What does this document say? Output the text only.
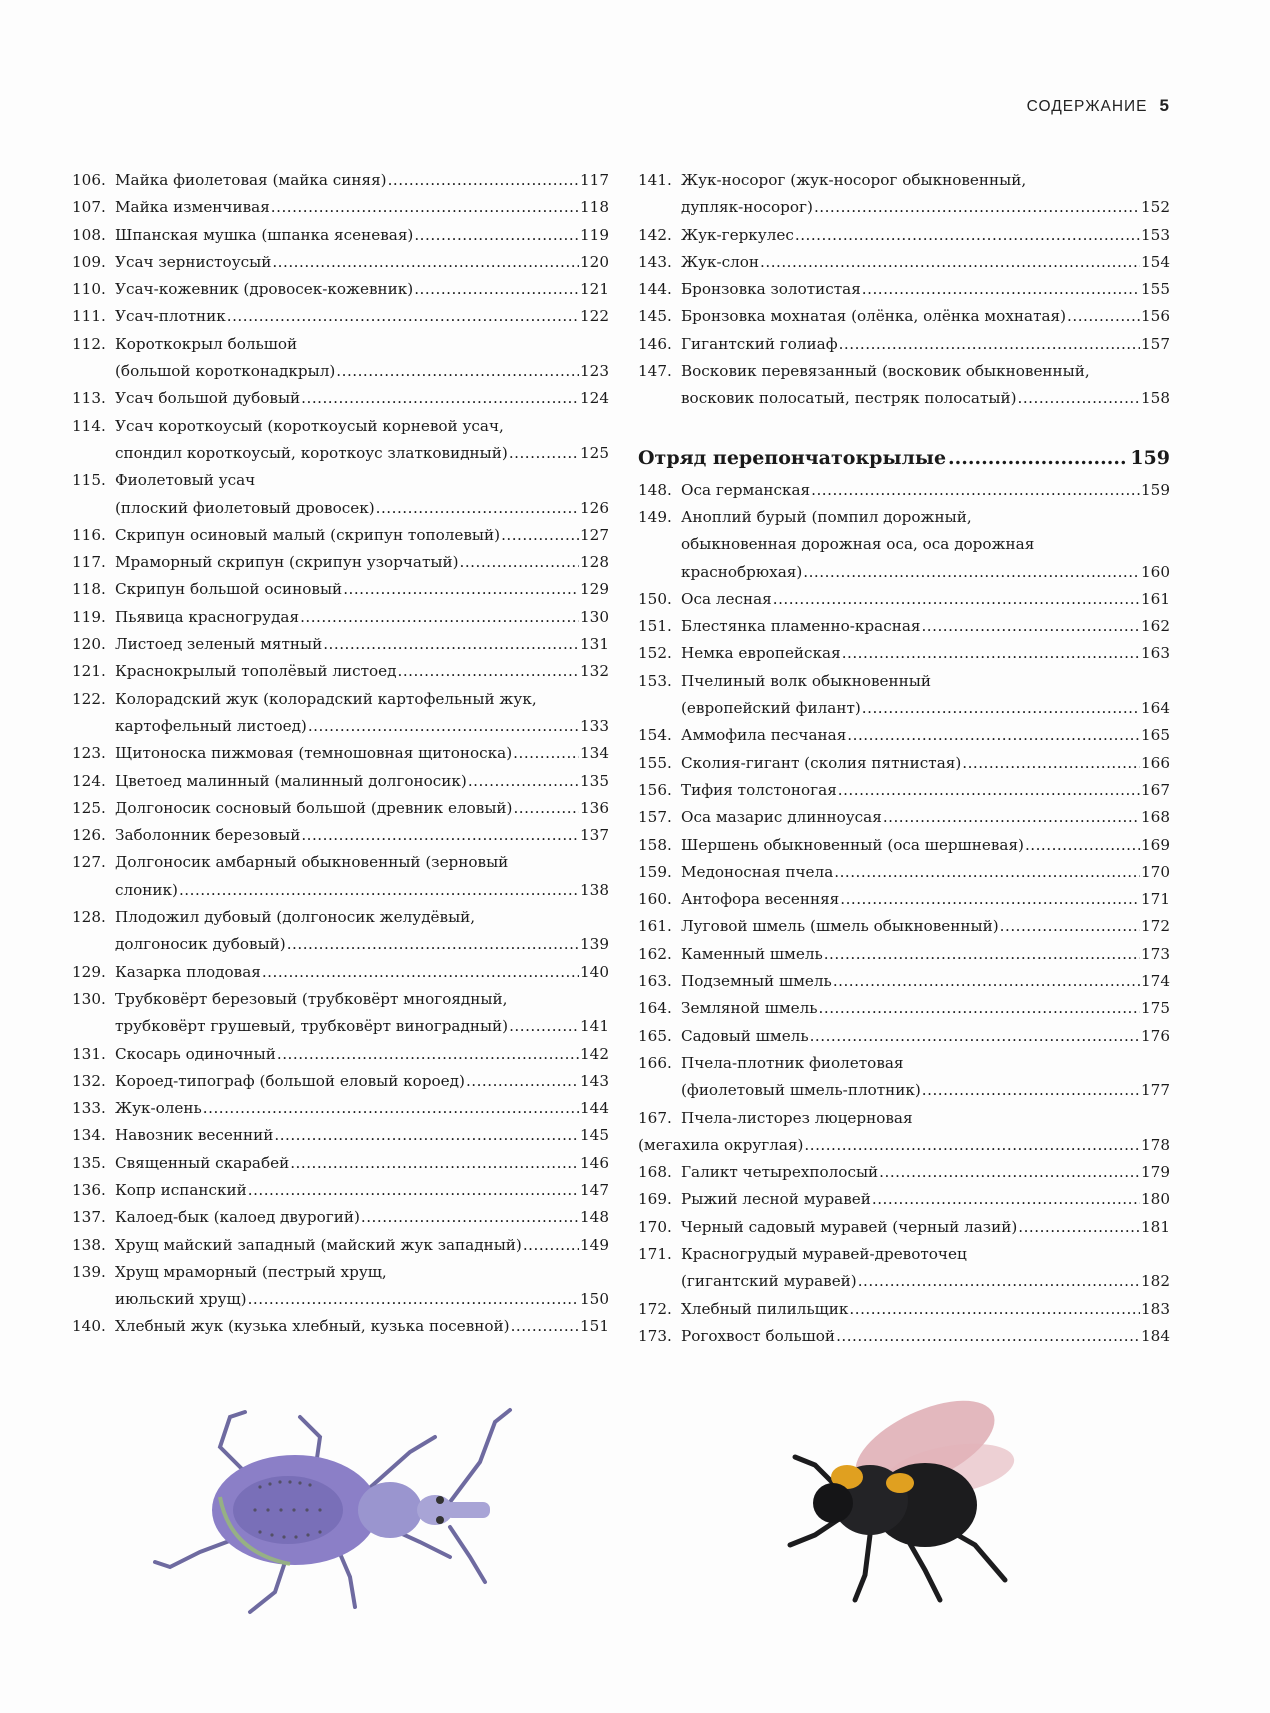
СОДЕРЖАНИЕ 5
106. Майка фиолетовая (майка синяя) .....	117
107. Майка изменчивая .....	118
108. Шпанская мушка (шпанка ясеневая) .....	119
109. Усач зернистоусый .....	120
110. Усач-кожевник (дровосек-кожевник) .....	121
111. Усач-плотник .....	122
112. Короткокрыл большой
(большой коротконадкрыл) .....	123
113. Усач большой дубовый .....	124
114. Усач короткоусый (короткоусый корневой усач,
спондил короткоусый, короткоус златковидный) .....	125
115. Фиолетовый усач
(плоский фиолетовый дровосек) .....	126
116. Скрипун осиновый малый (скрипун тополевый) .....	127
117. Мраморный скрипун (скрипун узорчатый) .....	128
118. Скрипун большой осиновый .....	129
119. Пьявица красногрудая .....	130
120. Листоед зеленый мятный .....	131
121. Краснокрылый тополёвый листоед .....	132
122. Колорадский жук (колорадский картофельный жук,
картофельный листоед) .....	133
123. Щитоноска пижмовая (темношовная щитоноска) .....	134
124. Цветоед малинный (малинный долгоносик) .....	135
125. Долгоносик сосновый большой (древник еловый) .....	136
126. Заболонник березовый .....	137
127. Долгоносик амбарный обыкновенный (зерновый
слоник) .....	138
128. Плодожил дубовый (долгоносик желудёвый,
долгоносик дубовый) .....	139
129. Казарка плодовая .....	140
130. Трубковёрт березовый (трубковёрт многоядный,
трубковёрт грушевый, трубковёрт виноградный) .....	141
131. Скосарь одиночный .....	142
132. Короед-типограф (большой еловый короед) .....	143
133. Жук-олень .....	144
134. Навозник весенний .....	145
135. Священный скарабей .....	146
136. Копр испанский .....	147
137. Калоед-бык (калоед двурогий) .....	148
138. Хрущ майский западный (майский жук западный) .....	149
139. Хрущ мраморный (пестрый хрущ,
июльский хрущ) .....	150
140. Хлебный жук (кузька хлебный, кузька посевной) .....	151
141. Жук-носорог (жук-носорог обыкновенный,
дупляк-носорог) .....	152
142. Жук-геркулес .....	153
143. Жук-слон .....	154
144. Бронзовка золотистая .....	155
145. Бронзовка мохнатая (олёнка, олёнка мохнатая) .....	156
146. Гигантский голиаф .....	157
147. Восковик перевязанный (восковик обыкновенный,
восковик полосатый, пестряк полосатый) .....	158
Отряд перепончатокрылые .....	159
148. Оса германская .....	159
149. Аноплий бурый (помпил дорожный,
обыкновенная дорожная оса, оса дорожная
краснобрюхая) .....	160
150. Оса лесная .....	161
151. Блестянка пламенно-красная .....	162
152. Немка европейская .....	163
153. Пчелиный волк обыкновенный
(европейский филант) .....	164
154. Аммофила песчаная .....	165
155. Сколия-гигант (сколия пятнистая) .....	166
156. Тифия толстоногая .....	167
157. Оса мазарис длинноусая .....	168
158. Шершень обыкновенный (оса шершневая) .....	169
159. Медоносная пчела .....	170
160. Антофора весенняя .....	171
161. Луговой шмель (шмель обыкновенный) .....	172
162. Каменный шмель .....	173
163. Подземный шмель .....	174
164. Земляной шмель .....	175
165. Садовый шмель .....	176
166. Пчела-плотник фиолетовая
(фиолетовый шмель-плотник) .....	177
167. Пчела-листорез люцерновая
(мегахила округлая) .....	178
168. Галикт четырехполосый .....	179
169. Рыжий лесной муравей .....	180
170. Черный садовый муравей (черный лазий) .....	181
171. Красногрудый муравей-древоточец
(гигантский муравей) .....	182
172. Хлебный пилильщик .....	183
173. Рогохвост большой .....	184
